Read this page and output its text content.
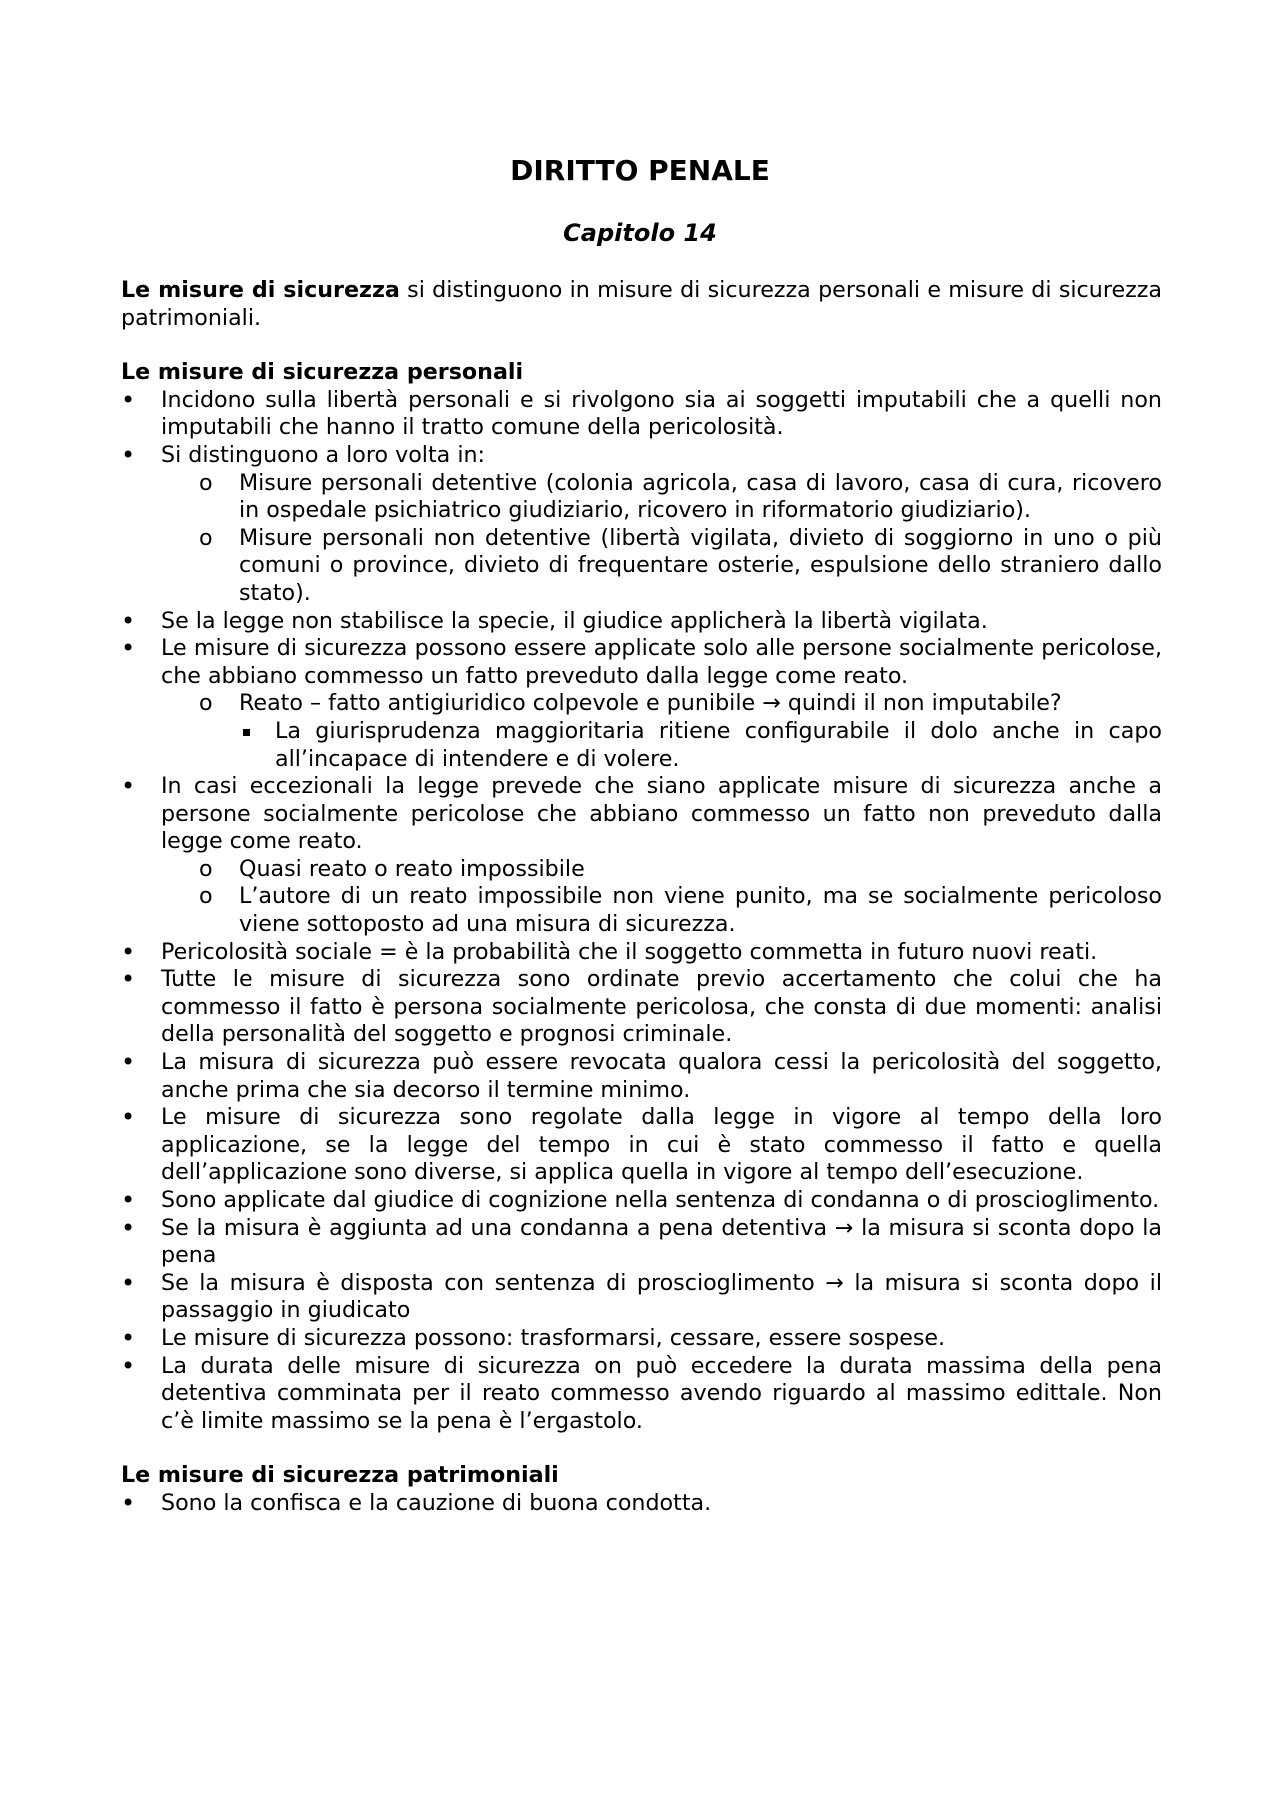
DIRITTO PENALE
Capitolo 14

Le misure di sicurezza si distinguono in misure di sicurezza personali e misure di sicurezza patrimoniali.

Le misure di sicurezza personali

•
Incidono sulla libertà personali e si rivolgono sia ai soggetti imputabili che a quelli non imputabili che hanno il tratto comune della pericolosità.
•
Si distinguono a loro volta in:
o
Misure personali detentive (colonia agricola, casa di lavoro, casa di cura, ricovero in ospedale psichiatrico giudiziario, ricovero in riformatorio giudiziario).
o
Misure personali non detentive (libertà vigilata, divieto di soggiorno in uno o più comuni o province, divieto di frequentare osterie, espulsione dello straniero dallo stato).
•
Se la legge non stabilisce la specie, il giudice applicherà la libertà vigilata.
•
Le misure di sicurezza possono essere applicate solo alle persone socialmente pericolose, che abbiano commesso un fatto preveduto dalla legge come reato.
o
Reato – fatto antigiuridico colpevole e punibile → quindi il non imputabile?
La giurisprudenza maggioritaria ritiene configurabile il dolo anche in capo all’incapace di intendere e di volere.
•
In casi eccezionali la legge prevede che siano applicate misure di sicurezza anche a persone socialmente pericolose che abbiano commesso un fatto non preveduto dalla legge come reato.
o
Quasi reato o reato impossibile
o
L’autore di un reato impossibile non viene punito, ma se socialmente pericoloso viene sottoposto ad una misura di sicurezza.
•
Pericolosità sociale = è la probabilità che il soggetto commetta in futuro nuovi reati.
•
Tutte le misure di sicurezza sono ordinate previo accertamento che colui che ha commesso il fatto è persona socialmente pericolosa, che consta di due momenti: analisi della personalità del soggetto e prognosi criminale.
•
La misura di sicurezza può essere revocata qualora cessi la pericolosità del soggetto, anche prima che sia decorso il termine minimo.
•
Le misure di sicurezza sono regolate dalla legge in vigore al tempo della loro applicazione, se la legge del tempo in cui è stato commesso il fatto e quella dell’applicazione sono diverse, si applica quella in vigore al tempo dell’esecuzione.
•
Sono applicate dal giudice di cognizione nella sentenza di condanna o di proscioglimento.
•
Se la misura è aggiunta ad una condanna a pena detentiva → la misura si sconta dopo la pena
•
Se la misura è disposta con sentenza di proscioglimento → la misura si sconta dopo il passaggio in giudicato
•
Le misure di sicurezza possono: trasformarsi, cessare, essere sospese.
•
La durata delle misure di sicurezza on può eccedere la durata massima della pena detentiva comminata per il reato commesso avendo riguardo al massimo edittale. Non c’è limite massimo se la pena è l’ergastolo.

Le misure di sicurezza patrimoniali

•
Sono la confisca e la cauzione di buona condotta.
